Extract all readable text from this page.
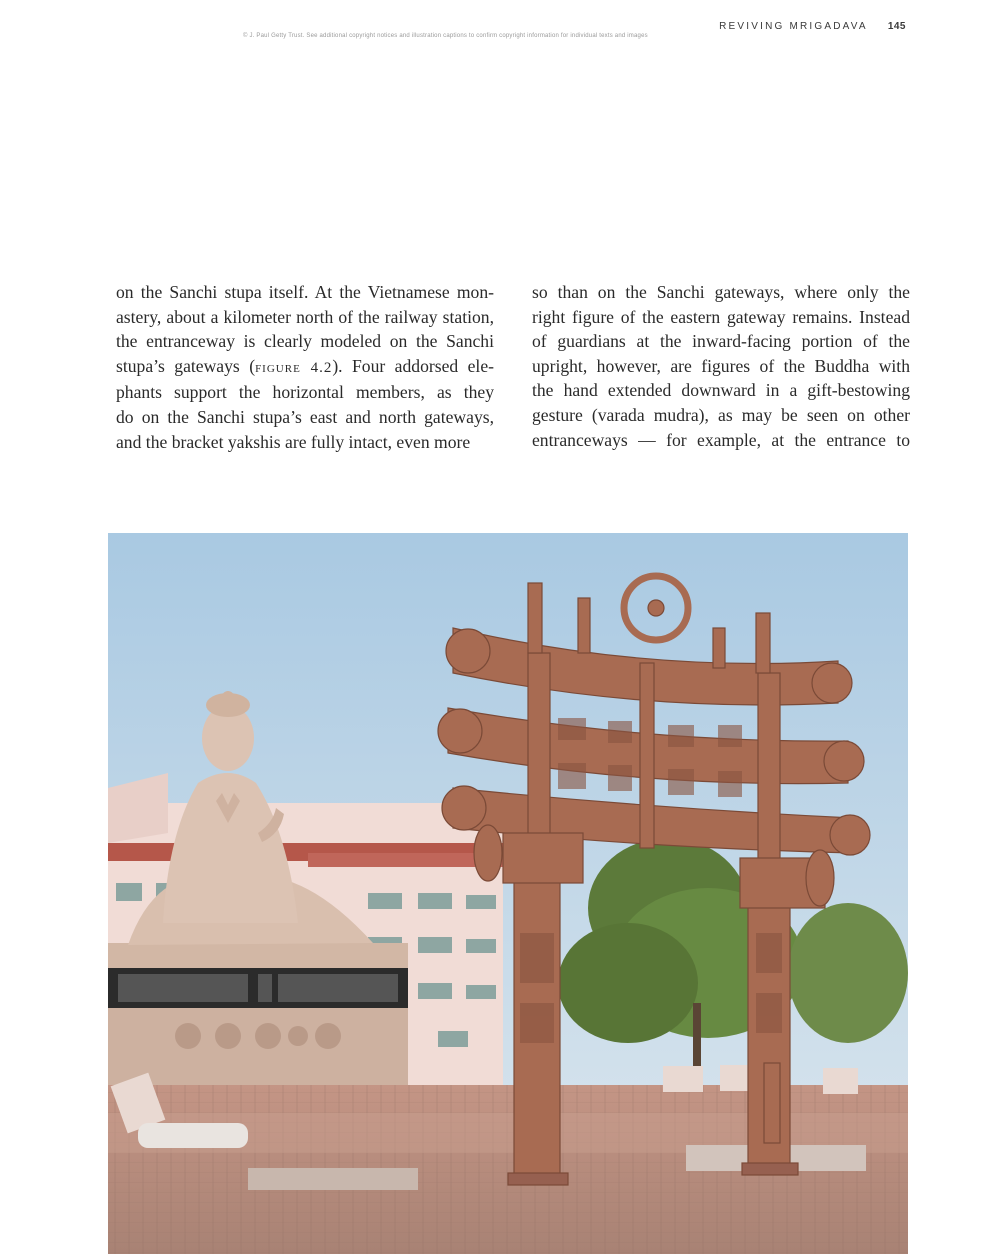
REVIVING MRIGADAVA 145
© J. Paul Getty Trust. See additional copyright notices and illustration captions to confirm copyright information for individual texts and images
on the Sanchi stupa itself. At the Vietnamese mon-
astery, about a kilometer north of the railway station,
the entranceway is clearly modeled on the Sanchi
stupa’s gateways (figure 4.2). Four addorsed ele-
phants support the horizontal members, as they
do on the Sanchi stupa’s east and north gateways,
and the bracket yakshis are fully intact, even more
so than on the Sanchi gateways, where only the
right figure of the eastern gateway remains. Instead
of guardians at the inward-facing portion of the
upright, however, are figures of the Buddha with
the hand extended downward in a gift-bestowing
gesture (varada mudra), as may be seen on other
entranceways — for example, at the entrance to
